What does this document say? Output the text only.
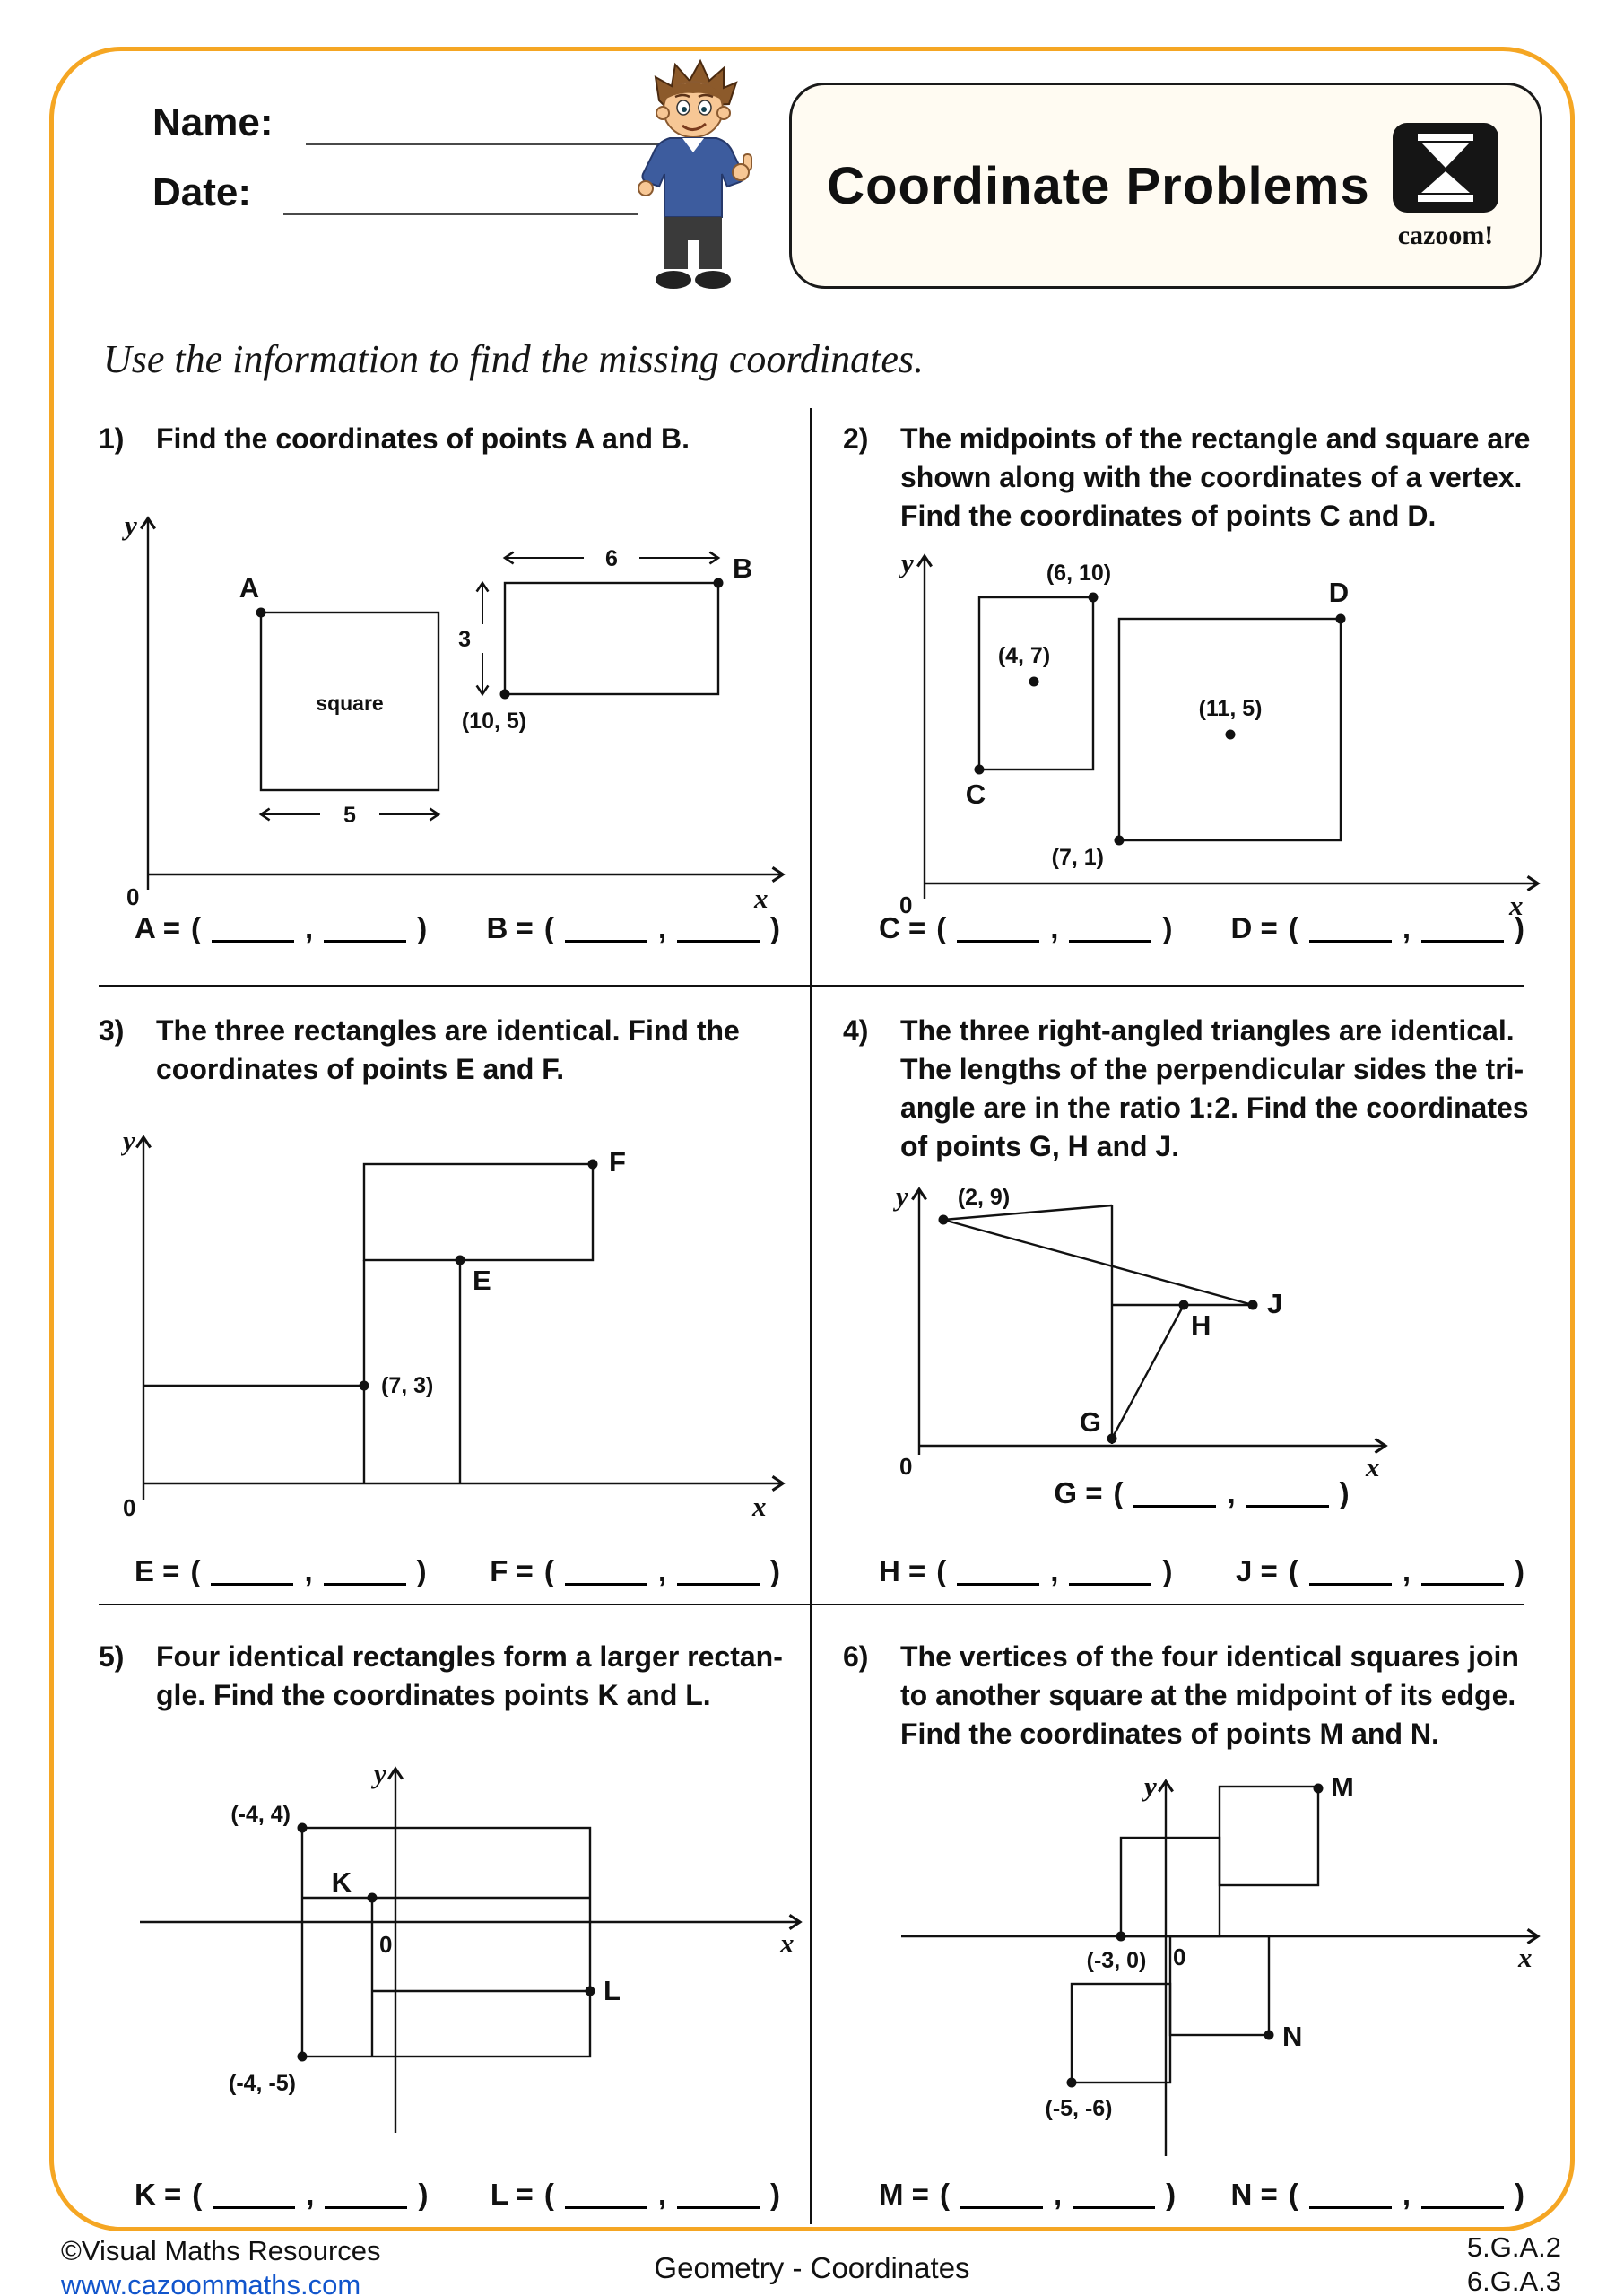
Name:
Date:	Coordinate Problems
cazoom!
Use the information to find the missing coordinates.
1)	Find the coordinates of points A and B.
y
x
0
A
square
5
B
6
3
(10, 5)
A = (	,	) B = (	,	)
2)	The midpoints of the rectangle and square are
shown along with the coordinates of a vertex.
Find the coordinates of points C and D.
y
x
0
(6, 10)
(4, 7)
C
D
(11, 5)
(7, 1)
C = (	,	) D = (	,	)
3)	The three rectangles are identical. Find the
coordinates of points E and F.
y
x
0
F
E
(7, 3)
E = (	,	) F = (	,	)
4)	The three right-angled triangles are identical.
The lengths of the perpendicular sides the tri-
angle are in the ratio 1:2. Find the coordinates
of points G, H and J.
y
x
0
(2, 9)
G
H
J
G = (	,	)
H = (	,	) J = (	,	)
5)	Four identical rectangles form a larger rectan-
gle. Find the coordinates points K and L.
y
x
0
(-4, 4)
(-4, -5)
K
L
K = (	,	) L = (	,	)
6)	The vertices of the four identical squares join
to another square at the midpoint of its edge.
Find the coordinates of points M and N.
y
x
0
M
N
(-5, -6)
(-3, 0)
M = (	,	) N = (	,	)
©Visual Maths Resources
www.cazoommaths.com
Geometry - Coordinates
5.G.A.2
6.G.A.3
